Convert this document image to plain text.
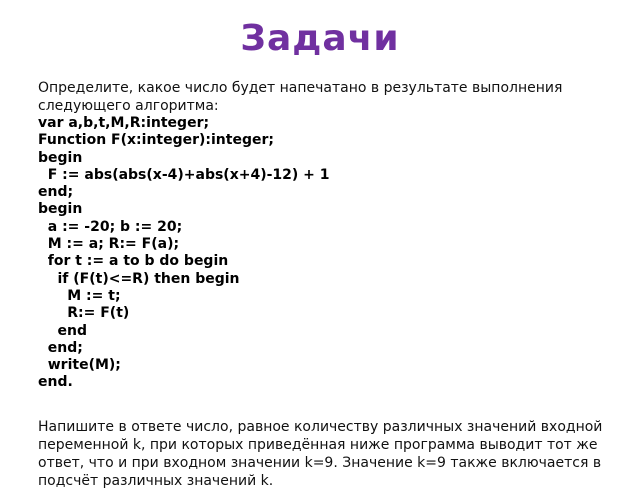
Задачи
Определите, какое число будет напечатано в результате выполнения следующего алгоритма:
var a,b,t,M,R:integer;
Function F(x:integer):integer;
begin
F := abs(abs(x-4)+abs(x+4)-12) + 1
end;
begin
a := -20; b := 20;
M := a; R:= F(a);
for t := a to b do begin
if (F(t)<=R) then begin
M := t;
R:= F(t)
end
end;
write(M);
end.
Напишите в ответе число, равное количеству различных значений входной переменной k, при которых приведённая ниже программа выводит тот же ответ, что и при входном значении k=9. Значение k=9 также включается в подсчёт различных значений k.
